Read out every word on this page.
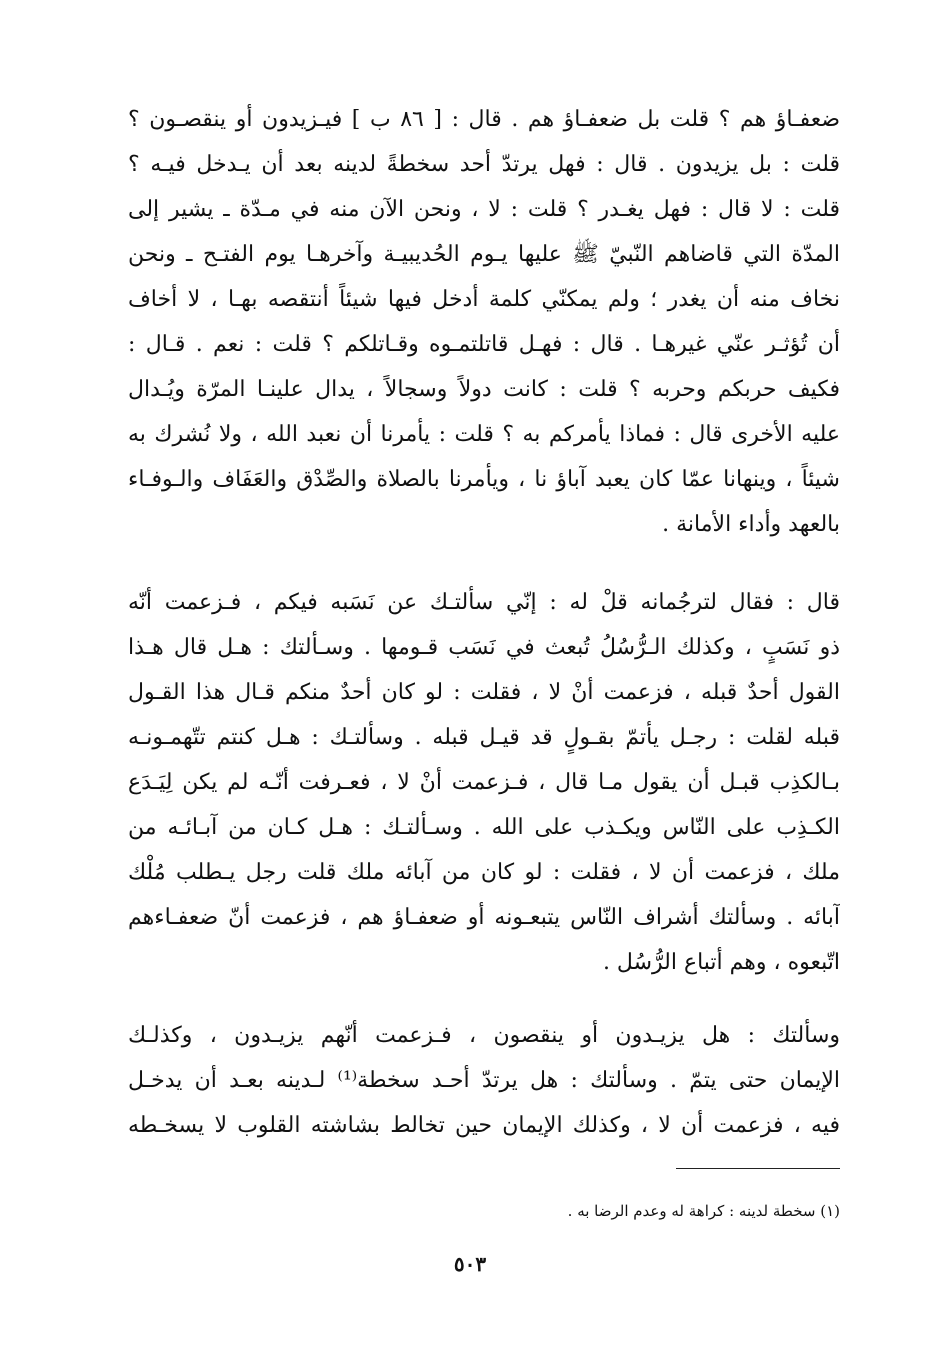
ضعفـاؤ هم ؟ قلت بل ضعفـاؤ هم . قال : [ ٨٦ ب ] فيـزيدون أو ينقصـون ؟
قلت : بل يزيدون . قال : فهل يرتدّ أحد سخطةً لدينه بعد أن يـدخل فيـه ؟
قلت : لا قال : فهل يغـدر ؟ قلت : لا ، ونحن الآن منه في مـدّة ـ يشير إلى
المدّة التي قاضاهم النّبيّ ﷺ عليها يـوم الحُديبيـة وآخرهـا يوم الفتـح ـ ونحن
نخاف منه أن يغدر ؛ ولم يمكنّي كلمة أدخل فيها شيئاً أنتقصه بهـا ، لا أخاف
أن تُؤثـر عنّي غيرهـا . قال : فهـل قاتلتمـوه وقـاتلكم ؟ قلت : نعم . قـال :
فكيف حربكم وحربه ؟ قلت : كانت دولاً وسجالاً ، يدال علينـا المرّة ويُـدال
عليه الأخرى قال : فماذا يأمركم به ؟ قلت : يأمرنا أن نعبد الله ، ولا نُشرك به
شيئاً ، وينهانا عمّا كان يعبد آباؤ نا ، ويأمرنا بالصلاة والصِّدْق والعَفَاف والـوفـاء
بالعهد وأداء الأمانة .
قال : فقال لترجُمانه قلْ له : إنّي سألتـك عن نَسَبه فيكم ، فـزعمت أنّه
ذو نَسَبٍ ، وكذلك الـرُّسُلُ تُبعث في نَسَب قـومها . وسـألتك : هـل قال هـذا
القول أحدٌ قبله ، فزعمت أنْ لا ، فقلت : لو كان أحدٌ منكم قـال هذا القـول
قبله لقلت : رجـل يأتمّ بقـولٍ قد قيـل قبله . وسألتـك : هـل كنتم تتّهمـونـه
بـالكذِب قبـل أن يقول مـا قال ، فـزعمت أنْ لا ، فعـرفت أنّـه لم يكن لِيَـدَع
الكـذِب على النّاس ويكـذب على الله . وسـألتـك : هـل كـان من آبـائـه من
ملك ، فزعمت أن لا ، فقلت : لو كان من آبائه ملك قلت رجل يـطلب مُلْك
آبائه . وسألتك أشراف النّاس يتبعـونه أو ضعفـاؤ هم ، فزعمت أنّ ضعفـاءهم
اتّبعوه ، وهم أتباع الرُّسُل .
وسألتك : هل يزيـدون أو ينقصون ، فـزعمت أنّهم يزيـدون ، وكذلـك
الإيمان حتى يتمّ . وسألتك : هل يرتدّ أحـد سخطة⁽¹⁾ لـدينه بعـد أن يدخـل
فيه ، فزعمت أن لا ، وكذلك الإيمان حين تخالط بشاشته القلوب لا يسخـطه
(١) سخطة لدينه : كراهة له وعدم الرضا به .
٥٠٣
